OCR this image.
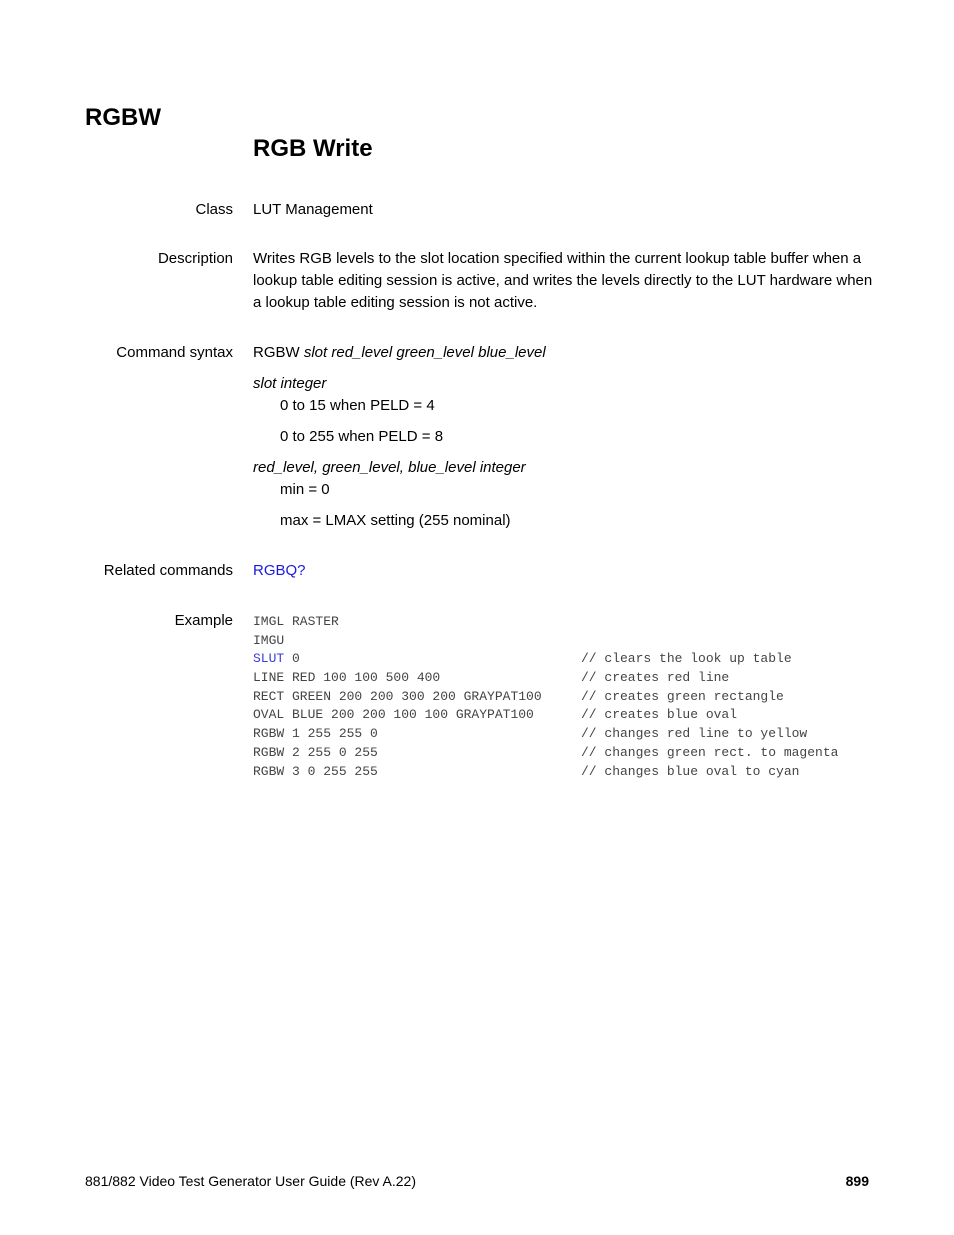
RGBW
RGB Write
Class LUT Management
Description Writes RGB levels to the slot location specified within the current lookup table buffer when a lookup table editing session is active, and writes the levels directly to the LUT hardware when a lookup table editing session is not active.
Command syntax RGBW slot red_level green_level blue_level
slot integer
0 to 15 when PELD = 4
0 to 255 when PELD = 8
red_level, green_level, blue_level integer
min = 0
max = LMAX setting (255 nominal)
Related commands RGBQ?
Example IMGL RASTER
IMGU
SLUT 0	// clears the look up table
LINE RED 100 100 500 400	// creates red line
RECT GREEN 200 200 300 200 GRAYPAT100	// creates green rectangle
OVAL BLUE 200 200 100 100 GRAYPAT100	// creates blue oval
RGBW 1 255 255 0	// changes red line to yellow
RGBW 2 255 0 255	// changes green rect. to magenta
RGBW 3 0 255 255	// changes blue oval to cyan
881/882 Video Test Generator User Guide (Rev A.22)	899
